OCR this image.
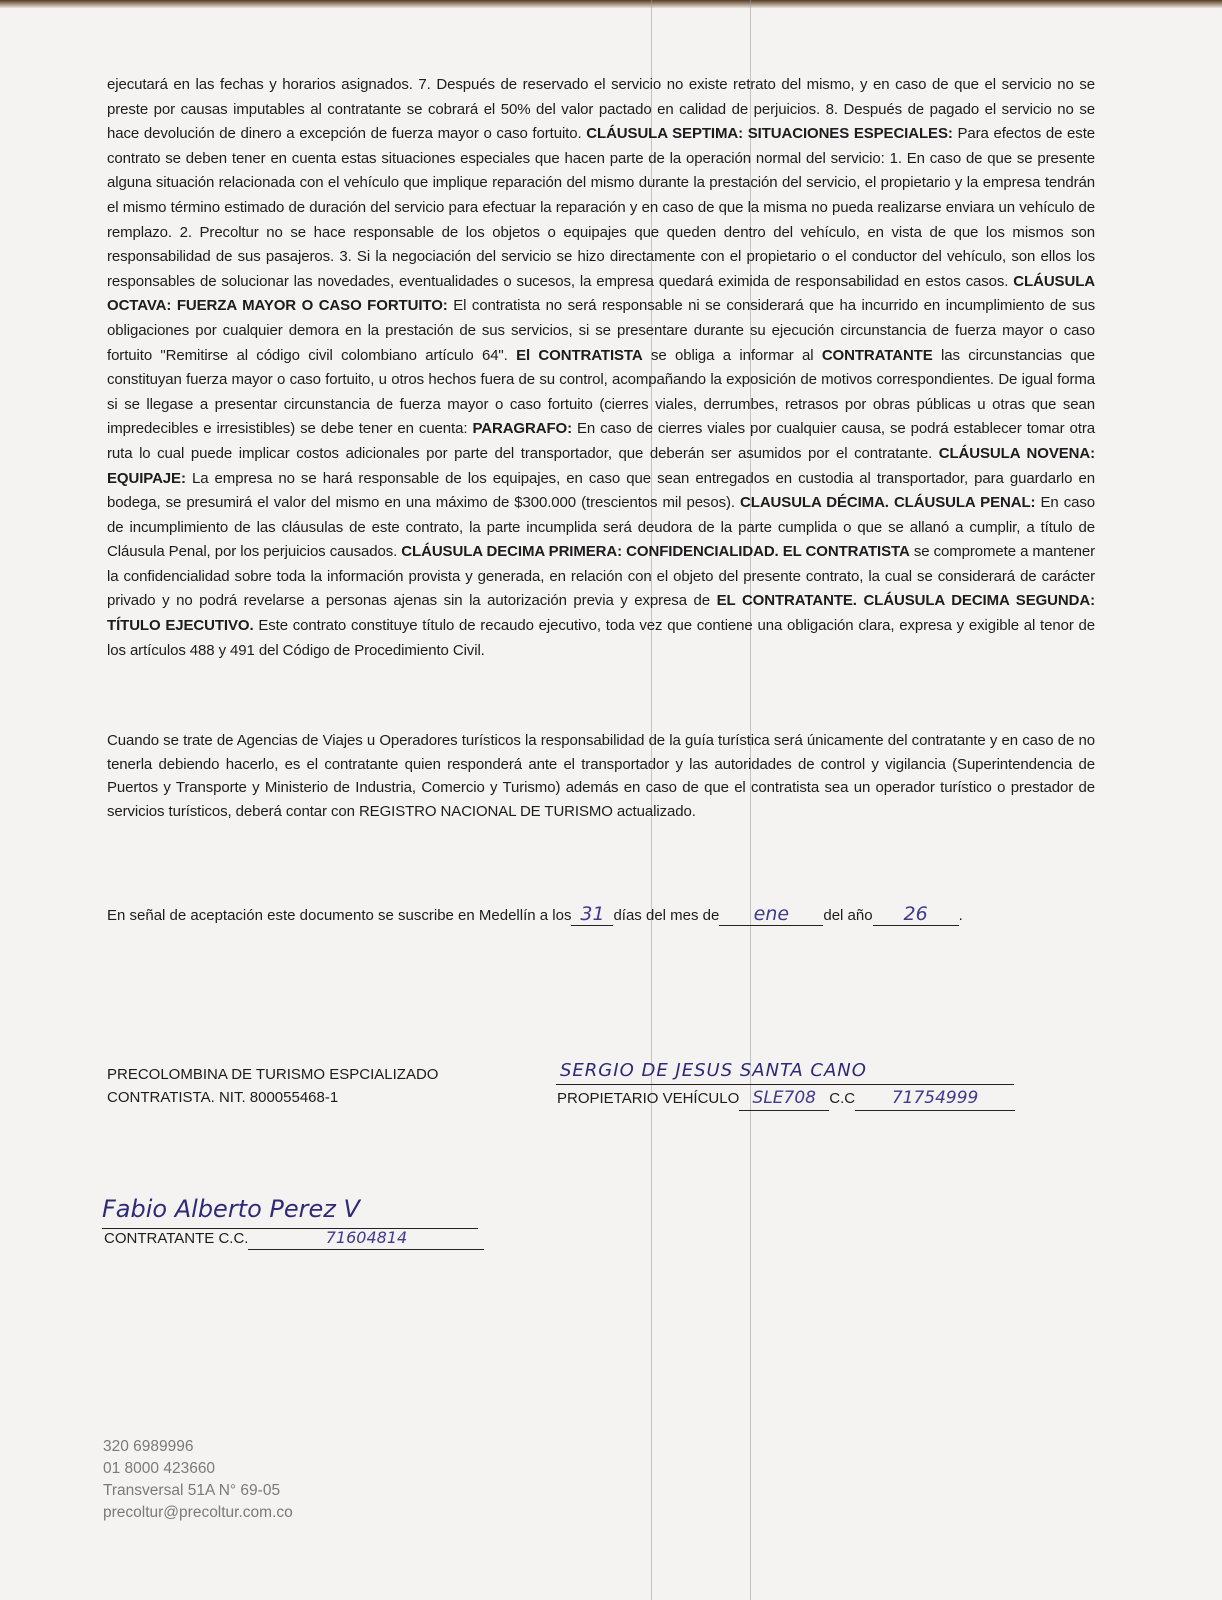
ejecutará en las fechas y horarios asignados. 7. Después de reservado el servicio no existe retrato del mismo, y en caso de que el servicio no se preste por causas imputables al contratante se cobrará el 50% del valor pactado en calidad de perjuicios. 8. Después de pagado el servicio no se hace devolución de dinero a excepción de fuerza mayor o caso fortuito. CLÁUSULA SEPTIMA: SITUACIONES ESPECIALES: Para efectos de este contrato se deben tener en cuenta estas situaciones especiales que hacen parte de la operación normal del servicio: 1. En caso de que se presente alguna situación relacionada con el vehículo que implique reparación del mismo durante la prestación del servicio, el propietario y la empresa tendrán el mismo término estimado de duración del servicio para efectuar la reparación y en caso de que la misma no pueda realizarse enviara un vehículo de remplazo. 2. Precoltur no se hace responsable de los objetos o equipajes que queden dentro del vehículo, en vista de que los mismos son responsabilidad de sus pasajeros. 3. Si la negociación del servicio se hizo directamente con el propietario o el conductor del vehículo, son ellos los responsables de solucionar las novedades, eventualidades o sucesos, la empresa quedará eximida de responsabilidad en estos casos. CLÁUSULA OCTAVA: FUERZA MAYOR O CASO FORTUITO: El contratista no será responsable ni se considerará que ha incurrido en incumplimiento de sus obligaciones por cualquier demora en la prestación de sus servicios, si se presentare durante su ejecución circunstancia de fuerza mayor o caso fortuito "Remitirse al código civil colombiano artículo 64". El CONTRATISTA se obliga a informar al CONTRATANTE las circunstancias que constituyan fuerza mayor o caso fortuito, u otros hechos fuera de su control, acompañando la exposición de motivos correspondientes. De igual forma si se llegase a presentar circunstancia de fuerza mayor o caso fortuito (cierres viales, derrumbes, retrasos por obras públicas u otras que sean impredecibles e irresistibles) se debe tener en cuenta: PARAGRAFO: En caso de cierres viales por cualquier causa, se podrá establecer tomar otra ruta lo cual puede implicar costos adicionales por parte del transportador, que deberán ser asumidos por el contratante. CLÁUSULA NOVENA: EQUIPAJE: La empresa no se hará responsable de los equipajes, en caso que sean entregados en custodia al transportador, para guardarlo en bodega, se presumirá el valor del mismo en una máximo de $300.000 (trescientos mil pesos). CLAUSULA DÉCIMA. CLÁUSULA PENAL: En caso de incumplimiento de las cláusulas de este contrato, la parte incumplida será deudora de la parte cumplida o que se allanó a cumplir, a título de Cláusula Penal, por los perjuicios causados. CLÁUSULA DECIMA PRIMERA: CONFIDENCIALIDAD. EL CONTRATISTA se compromete a mantener la confidencialidad sobre toda la información provista y generada, en relación con el objeto del presente contrato, la cual se considerará de carácter privado y no podrá revelarse a personas ajenas sin la autorización previa y expresa de EL CONTRATANTE. CLÁUSULA DECIMA SEGUNDA: TÍTULO EJECUTIVO. Este contrato constituye título de recaudo ejecutivo, toda vez que contiene una obligación clara, expresa y exigible al tenor de los artículos 488 y 491 del Código de Procedimiento Civil.
Cuando se trate de Agencias de Viajes u Operadores turísticos la responsabilidad de la guía turística será únicamente del contratante y en caso de no tenerla debiendo hacerlo, es el contratante quien responderá ante el transportador y las autoridades de control y vigilancia (Superintendencia de Puertos y Transporte y Ministerio de Industria, Comercio y Turismo) además en caso de que el contratista sea un operador turístico o prestador de servicios turísticos, deberá contar con REGISTRO NACIONAL DE TURISMO actualizado.
En señal de aceptación este documento se suscribe en Medellín a los 31 días del mes de ene del año 26 .
PRECOLOMBINA DE TURISMO ESPCIALIZADO
CONTRATISTA. NIT. 800055468-1
SERGIO DE JESUS SANTA CANO
PROPIETARIO VEHÍCULO SLE708 C.C 71754999
Fabio Alberto Perez V
CONTRATANTE C.C.	71604814
320 6989996
01 8000 423660
Transversal 51A N° 69-05
precoltur@precoltur.com.co
